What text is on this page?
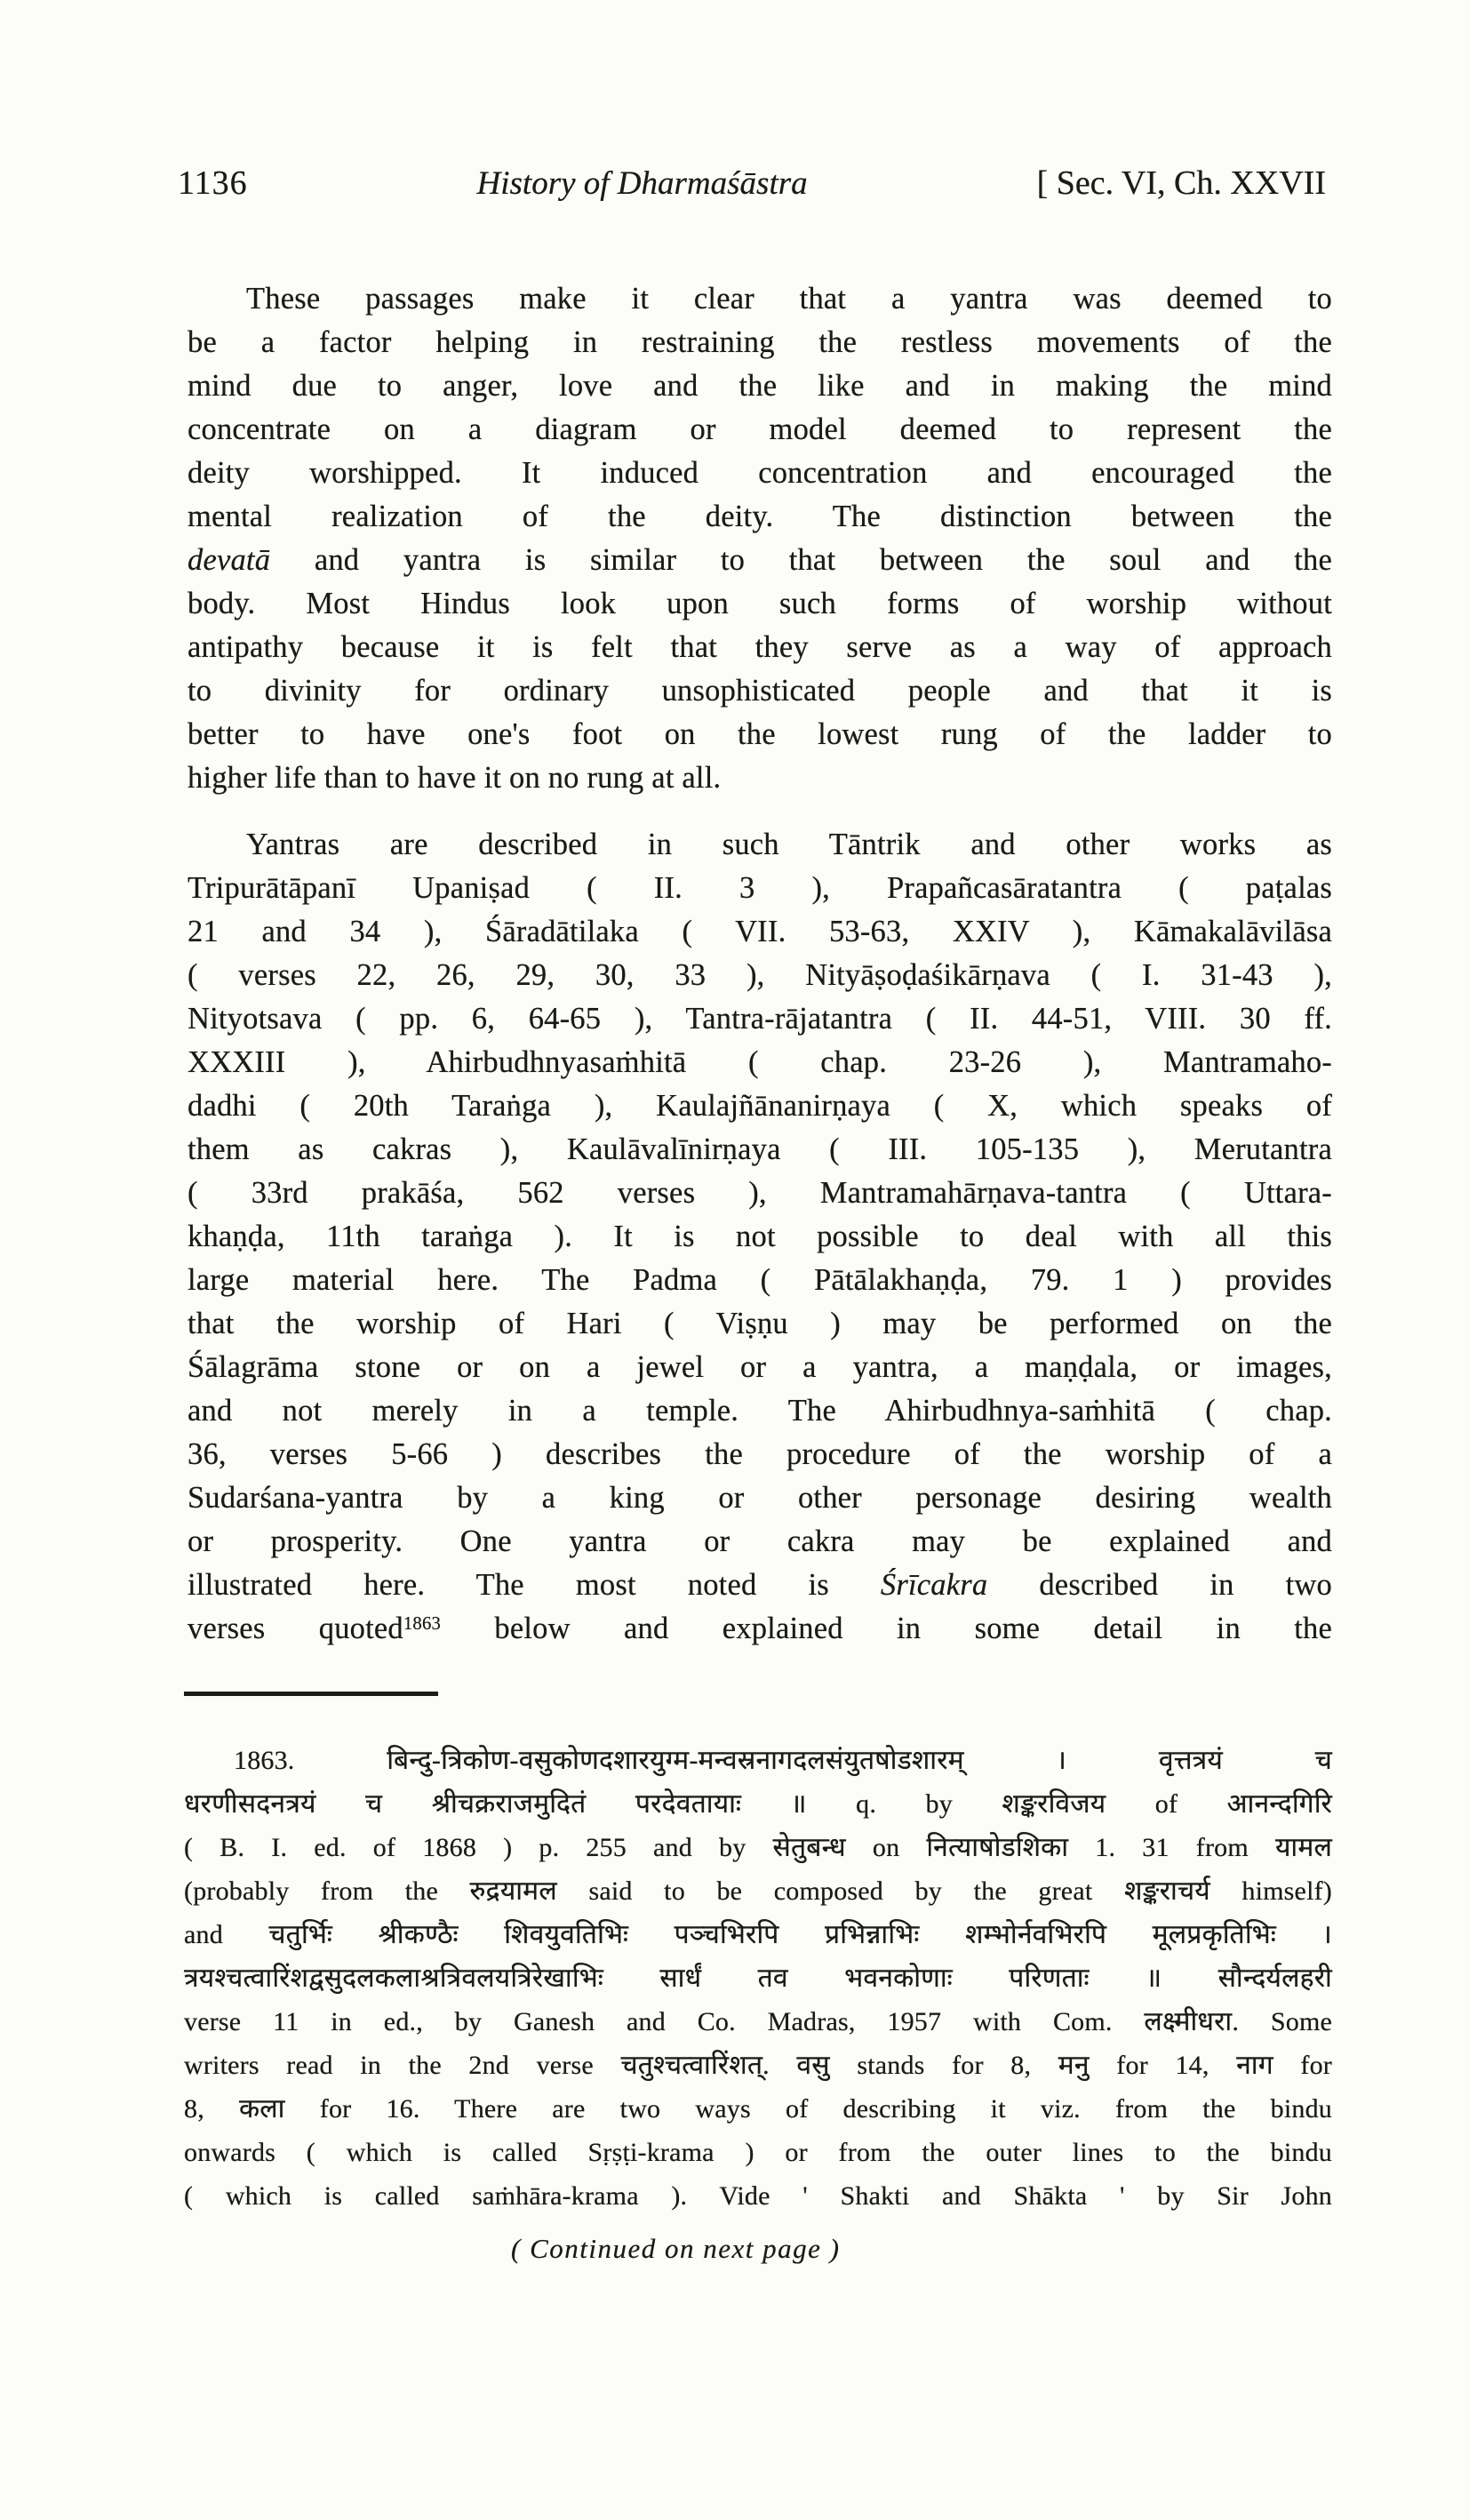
1136	History of Dharmaśāstra	[ Sec. VI, Ch. XXVII
These passages make it clear that a yantra was deemed to
be a factor helping in restraining the restless movements of the
mind due to anger, love and the like and in making the mind
concentrate on a diagram or model deemed to represent the
deity worshipped. It induced concentration and encouraged the
mental realization of the deity. The distinction between the
devatā and yantra is similar to that between the soul and the
body. Most Hindus look upon such forms of worship without
antipathy because it is felt that they serve as a way of approach
to divinity for ordinary unsophisticated people and that it is
better to have one's foot on the lowest rung of the ladder to
higher life than to have it on no rung at all.
Yantras are described in such Tāntrik and other works as
Tripurātāpanī Upaniṣad ( II. 3 ), Prapañcasāratantra ( paṭalas
21 and 34 ), Śāradātilaka ( VII. 53-63, XXIV ), Kāmakalāvilāsa
( verses 22, 26, 29, 30, 33 ), Nityāṣoḍaśikārṇava ( I. 31-43 ),
Nityotsava ( pp. 6, 64-65 ), Tantra-rājatantra ( II. 44-51, VIII. 30 ff.
XXXIII ), Ahirbudhnyasaṁhitā ( chap. 23-26 ), Mantramaho-
dadhi ( 20th Taraṅga ), Kaulajñānanirṇaya ( X, which speaks of
them as cakras ), Kaulāvalīnirṇaya ( III. 105-135 ), Merutantra
( 33rd prakāśa, 562 verses ), Mantramahārṇava-tantra ( Uttara-
khaṇḍa, 11th taraṅga ). It is not possible to deal with all this
large material here. The Padma ( Pātālakhaṇḍa, 79. 1 ) provides
that the worship of Hari ( Viṣṇu ) may be performed on the
Śālagrāma stone or on a jewel or a yantra, a maṇḍala, or images,
and not merely in a temple. The Ahirbudhnya-saṁhitā ( chap.
36, verses 5-66 ) describes the procedure of the worship of a
Sudarśana-yantra by a king or other personage desiring wealth
or prosperity. One yantra or cakra may be explained and
illustrated here. The most noted is Śrīcakra described in two
verses quoted$^{1863}$ below and explained in some detail in the
1863. बिन्दु-त्रिकोण-वसुकोणदशारयुग्म-मन्वस्रनागदलसंयुतषोडशारम् । वृत्तत्रयं च
धरणीसदनत्रयं च श्रीचक्रराजमुदितं परदेवतायाः ॥ q. by शङ्करविजय of आनन्दगिरि
( B. I. ed. of 1868 ) p. 255 and by सेतुबन्ध on नित्याषोडशिका 1. 31 from यामल
(probably from the रुद्रयामल said to be composed by the great शङ्कराचर्य himself)
and चतुर्भिः श्रीकण्ठैः शिवयुवतिभिः पञ्चभिरपि प्रभिन्नाभिः शम्भोर्नवभिरपि मूलप्रकृतिभिः ।
त्रयश्चत्वारिंशद्वसुदलकलाश्रत्रिवलयत्रिरेखाभिः सार्धं तव भवनकोणाः परिणताः ॥ सौन्दर्यलहरी
verse 11 in ed., by Ganesh and Co. Madras, 1957 with Com. लक्ष्मीधरा. Some
writers read in the 2nd verse चतुश्चत्वारिंशत्. वसु stands for 8, मनु for 14, नाग for
8, कला for 16. There are two ways of describing it viz. from the bindu
onwards ( which is called Sṛṣṭi-krama ) or from the outer lines to the bindu
( which is called saṁhāra-krama ). Vide ' Shakti and Shākta ' by Sir John
( Continued on next page )
